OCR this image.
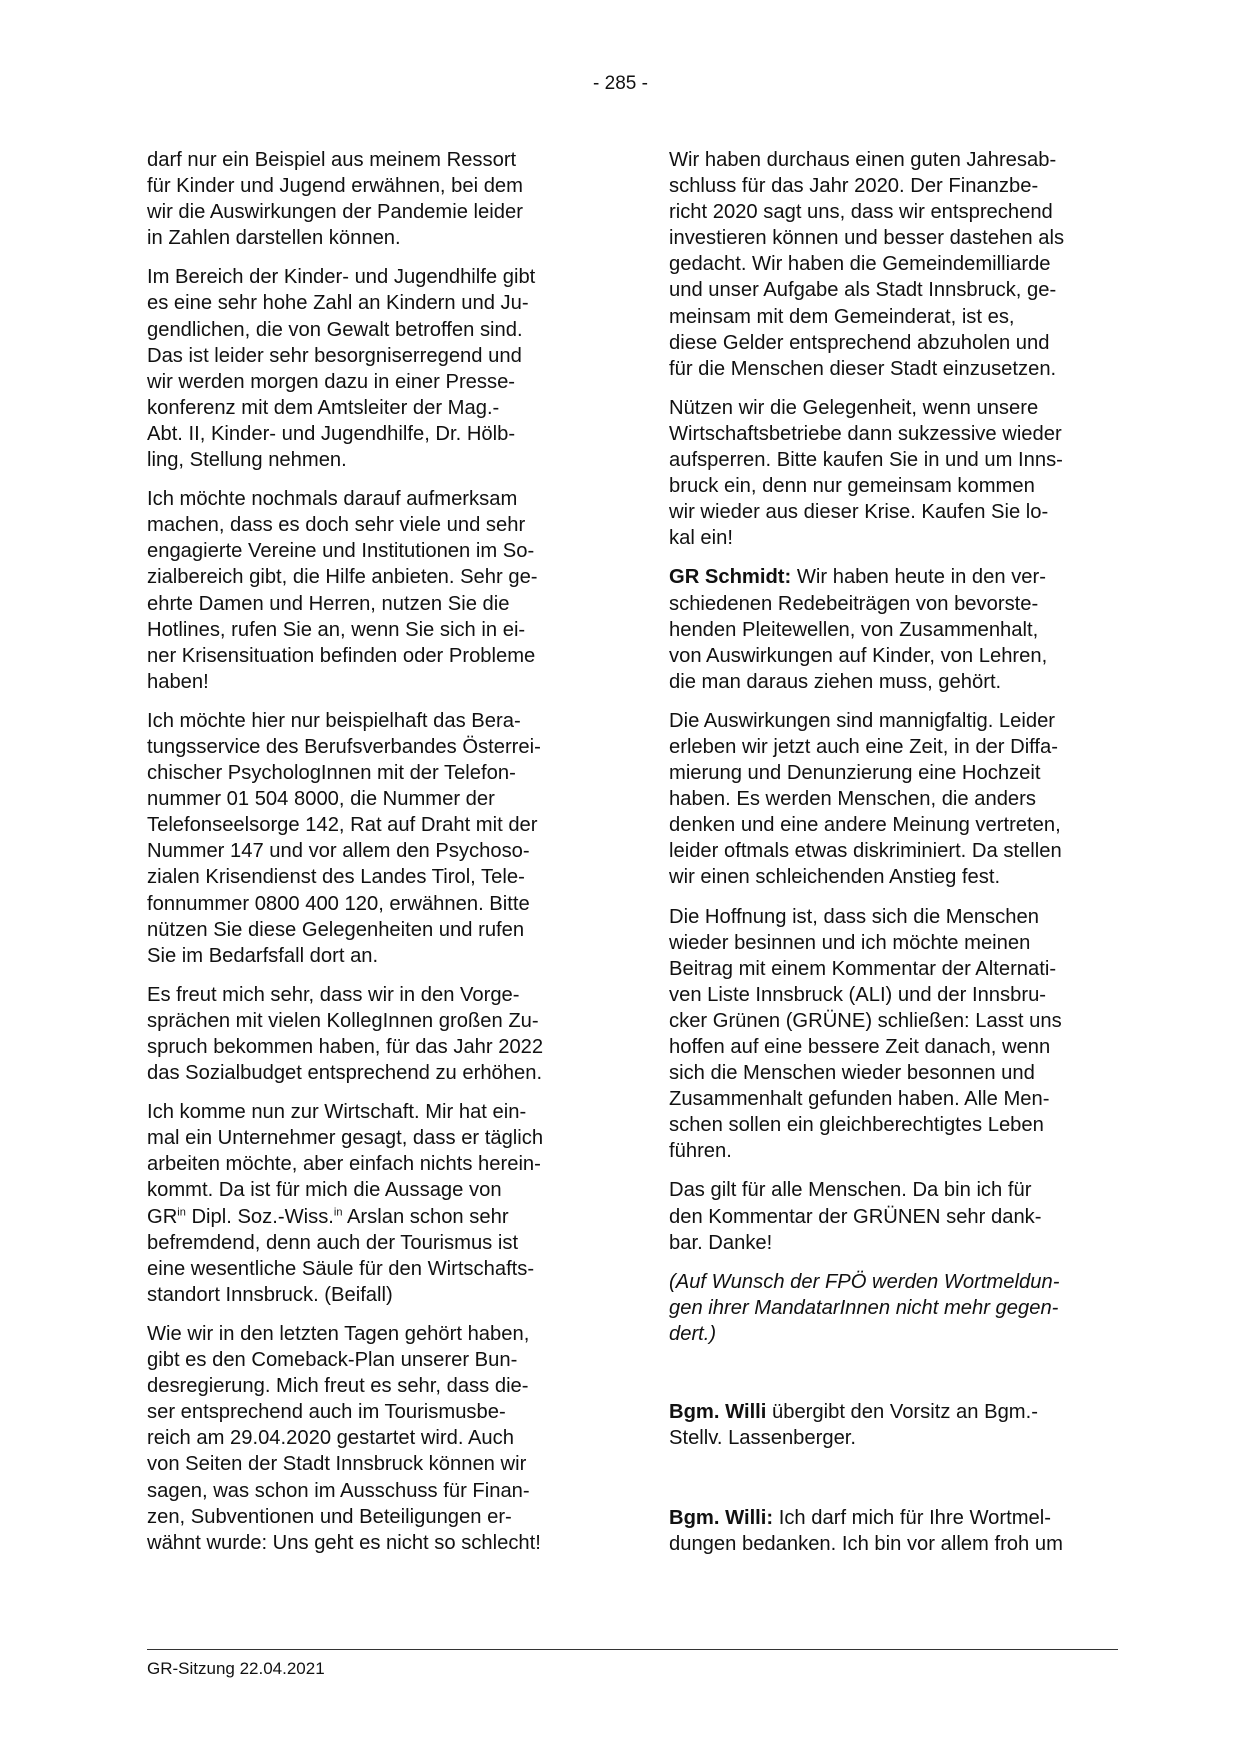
- 285 -

darf nur ein Beispiel aus meinem Ressort
für Kinder und Jugend erwähnen, bei dem
wir die Auswirkungen der Pandemie leider
in Zahlen darstellen können.

Im Bereich der Kinder- und Jugendhilfe gibt
es eine sehr hohe Zahl an Kindern und Ju-
gendlichen, die von Gewalt betroffen sind.
Das ist leider sehr besorgniserregend und
wir werden morgen dazu in einer Presse-
konferenz mit dem Amtsleiter der Mag.-
Abt. II, Kinder- und Jugendhilfe, Dr. Hölb-
ling, Stellung nehmen.

Ich möchte nochmals darauf aufmerksam
machen, dass es doch sehr viele und sehr
engagierte Vereine und Institutionen im So-
zialbereich gibt, die Hilfe anbieten. Sehr ge-
ehrte Damen und Herren, nutzen Sie die
Hotlines, rufen Sie an, wenn Sie sich in ei-
ner Krisensituation befinden oder Probleme
haben!

Ich möchte hier nur beispielhaft das Bera-
tungsservice des Berufsverbandes Österrei-
chischer PsychologInnen mit der Telefon-
nummer 01 504 8000, die Nummer der
Telefonseelsorge 142, Rat auf Draht mit der
Nummer 147 und vor allem den Psychoso-
zialen Krisendienst des Landes Tirol, Tele-
fonnummer 0800 400 120, erwähnen. Bitte
nützen Sie diese Gelegenheiten und rufen
Sie im Bedarfsfall dort an.

Es freut mich sehr, dass wir in den Vorge-
sprächen mit vielen KollegInnen großen Zu-
spruch bekommen haben, für das Jahr 2022
das Sozialbudget entsprechend zu erhöhen.

Ich komme nun zur Wirtschaft. Mir hat ein-
mal ein Unternehmer gesagt, dass er täglich
arbeiten möchte, aber einfach nichts herein-
kommt. Da ist für mich die Aussage von
$GR^{in}$ Dipl. Soz.-Wiss.$^{in}$ Arslan schon sehr
befremdend, denn auch der Tourismus ist
eine wesentliche Säule für den Wirtschafts-
standort Innsbruck. (Beifall)

Wie wir in den letzten Tagen gehört haben,
gibt es den Comeback-Plan unserer Bun-
desregierung. Mich freut es sehr, dass die-
ser entsprechend auch im Tourismusbe-
reich am 29.04.2020 gestartet wird. Auch
von Seiten der Stadt Innsbruck können wir
sagen, was schon im Ausschuss für Finan-
zen, Subventionen und Beteiligungen er-
wähnt wurde: Uns geht es nicht so schlecht!

Wir haben durchaus einen guten Jahresab-
schluss für das Jahr 2020. Der Finanzbe-
richt 2020 sagt uns, dass wir entsprechend
investieren können und besser dastehen als
gedacht. Wir haben die Gemeindemilliarde
und unser Aufgabe als Stadt Innsbruck, ge-
meinsam mit dem Gemeinderat, ist es,
diese Gelder entsprechend abzuholen und
für die Menschen dieser Stadt einzusetzen.

Nützen wir die Gelegenheit, wenn unsere
Wirtschaftsbetriebe dann sukzessive wieder
aufsperren. Bitte kaufen Sie in und um Inns-
bruck ein, denn nur gemeinsam kommen
wir wieder aus dieser Krise. Kaufen Sie lo-
kal ein!

GR Schmidt: Wir haben heute in den ver-
schiedenen Redebeiträgen von bevorste-
henden Pleitewellen, von Zusammenhalt,
von Auswirkungen auf Kinder, von Lehren,
die man daraus ziehen muss, gehört.

Die Auswirkungen sind mannigfaltig. Leider
erleben wir jetzt auch eine Zeit, in der Diffa-
mierung und Denunzierung eine Hochzeit
haben. Es werden Menschen, die anders
denken und eine andere Meinung vertreten,
leider oftmals etwas diskriminiert. Da stellen
wir einen schleichenden Anstieg fest.

Die Hoffnung ist, dass sich die Menschen
wieder besinnen und ich möchte meinen
Beitrag mit einem Kommentar der Alternati-
ven Liste Innsbruck (ALI) und der Innsbru-
cker Grünen (GRÜNE) schließen: Lasst uns
hoffen auf eine bessere Zeit danach, wenn
sich die Menschen wieder besonnen und
Zusammenhalt gefunden haben. Alle Men-
schen sollen ein gleichberechtigtes Leben
führen.

Das gilt für alle Menschen. Da bin ich für
den Kommentar der GRÜNEN sehr dank-
bar. Danke!

(Auf Wunsch der FPÖ werden Wortmeldun-
gen ihrer MandatarInnen nicht mehr gegen-
dert.)

Bgm. Willi übergibt den Vorsitz an Bgm.-
Stellv. Lassenberger.

Bgm. Willi: Ich darf mich für Ihre Wortmel-
dungen bedanken. Ich bin vor allem froh um

GR-Sitzung 22.04.2021
